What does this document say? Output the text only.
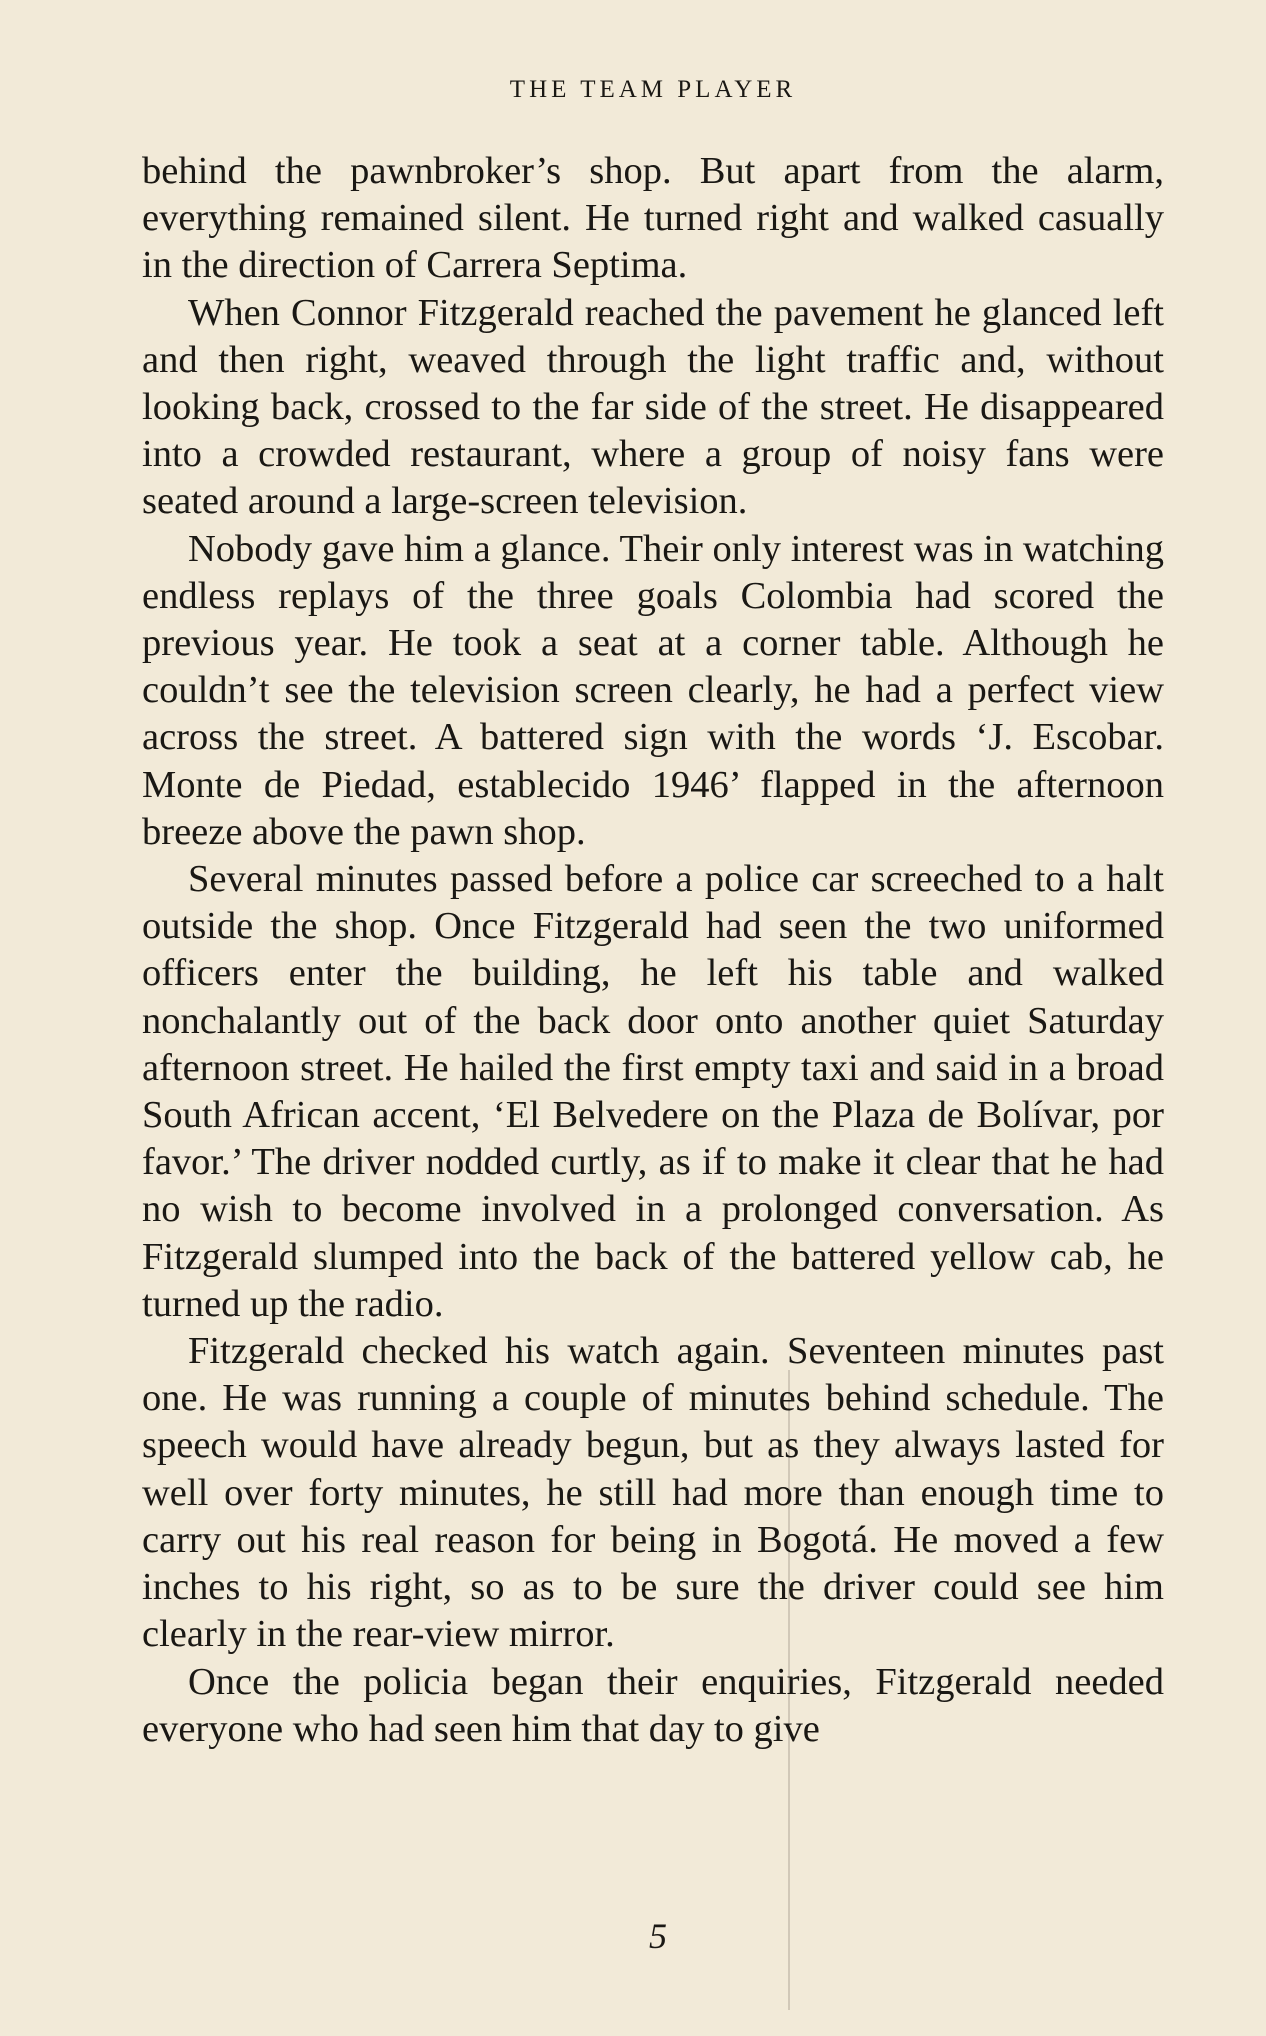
THE TEAM PLAYER

behind the pawnbroker’s shop. But apart from the alarm, everything remained silent. He turned right and walked casually in the direction of Carrera Septima.

When Connor Fitzgerald reached the pavement he glanced left and then right, weaved through the light traffic and, without looking back, crossed to the far side of the street. He disappeared into a crowded restaurant, where a group of noisy fans were seated around a large-screen television.

Nobody gave him a glance. Their only interest was in watching endless replays of the three goals Colombia had scored the previous year. He took a seat at a corner table. Although he couldn’t see the television screen clearly, he had a perfect view across the street. A battered sign with the words ‘J. Escobar. Monte de Piedad, establecido 1946’ flapped in the afternoon breeze above the pawn shop.

Several minutes passed before a police car screeched to a halt outside the shop. Once Fitzgerald had seen the two uniformed officers enter the building, he left his table and walked nonchalantly out of the back door onto another quiet Saturday afternoon street. He hailed the first empty taxi and said in a broad South African accent, ‘El Belvedere on the Plaza de Bolívar, por favor.’ The driver nodded curtly, as if to make it clear that he had no wish to become involved in a prolonged conversation. As Fitzgerald slumped into the back of the battered yellow cab, he turned up the radio.

Fitzgerald checked his watch again. Seventeen minutes past one. He was running a couple of minutes behind schedule. The speech would have already begun, but as they always lasted for well over forty minutes, he still had more than enough time to carry out his real reason for being in Bogotá. He moved a few inches to his right, so as to be sure the driver could see him clearly in the rear-view mirror.

Once the policia began their enquiries, Fitzgerald needed everyone who had seen him that day to give

5
